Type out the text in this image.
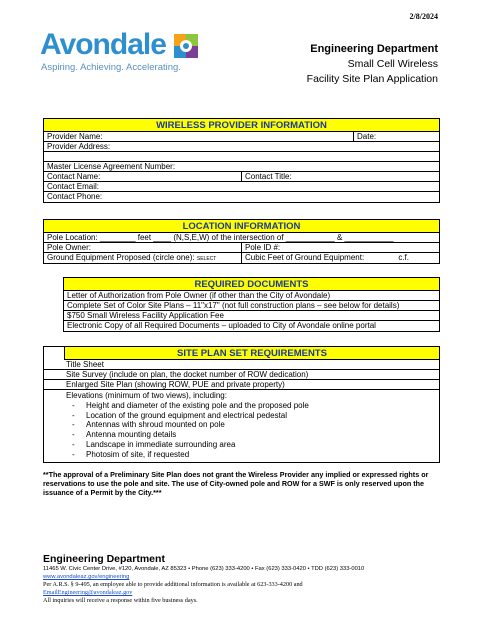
2/8/2024
Avondale
Aspiring. Achieving. Accelerating.
Engineering Department
Small Cell Wireless
Facility Site Plan Application
WIRELESS PROVIDER INFORMATION
Provider Name:	Date:
Provider Address:
Master License Agreement Number:
Contact Name:	Contact Title:
Contact Email:
Contact Phone:
LOCATION INFORMATION
Pole Location: ________ feet ____ (N,S,E,W) of the intersection of ___________ & ___________
Pole Owner:	Pole ID #:
Ground Equipment Proposed (circle one): SELECT	Cubic Feet of Ground Equipment:	c.f.
REQUIRED DOCUMENTS
Letter of Authorization from Pole Owner (if other than the City of Avondale)
Complete Set of Color Site Plans – 11"x17" (not full construction plans – see below for details)
$750 Small Wireless Facility Application Fee
Electronic Copy of all Required Documents – uploaded to City of Avondale online portal
SITE PLAN SET REQUIREMENTS
Title Sheet
Site Survey (include on plan, the docket number of ROW dedication)
Enlarged Site Plan (showing ROW, PUE and private property)
Elevations (minimum of two views), including:
- Height and diameter of the existing pole and the proposed pole
- Location of the ground equipment and electrical pedestal
- Antennas with shroud mounted on pole
- Antenna mounting details
- Landscape in immediate surrounding area
- Photosim of site, if requested
**The approval of a Preliminary Site Plan does not grant the Wireless Provider any implied or expressed rights or reservations to use the pole and site. The use of City-owned pole and ROW for a SWF is only reserved upon the issuance of a Permit by the City.***
Engineering Department
11465 W. Civic Center Drive, #120, Avondale, AZ 85323 • Phone (623) 333-4200 • Fax (623) 333-0420 • TDD (623) 333-0010
www.avondaleaz.gov/engineering
Per A.R.S. § 9-495, an employee able to provide additional information is available at 623-333-4200 and
EmailEngineering@avondaleaz.gov
All inquiries will receive a response within five business days.
